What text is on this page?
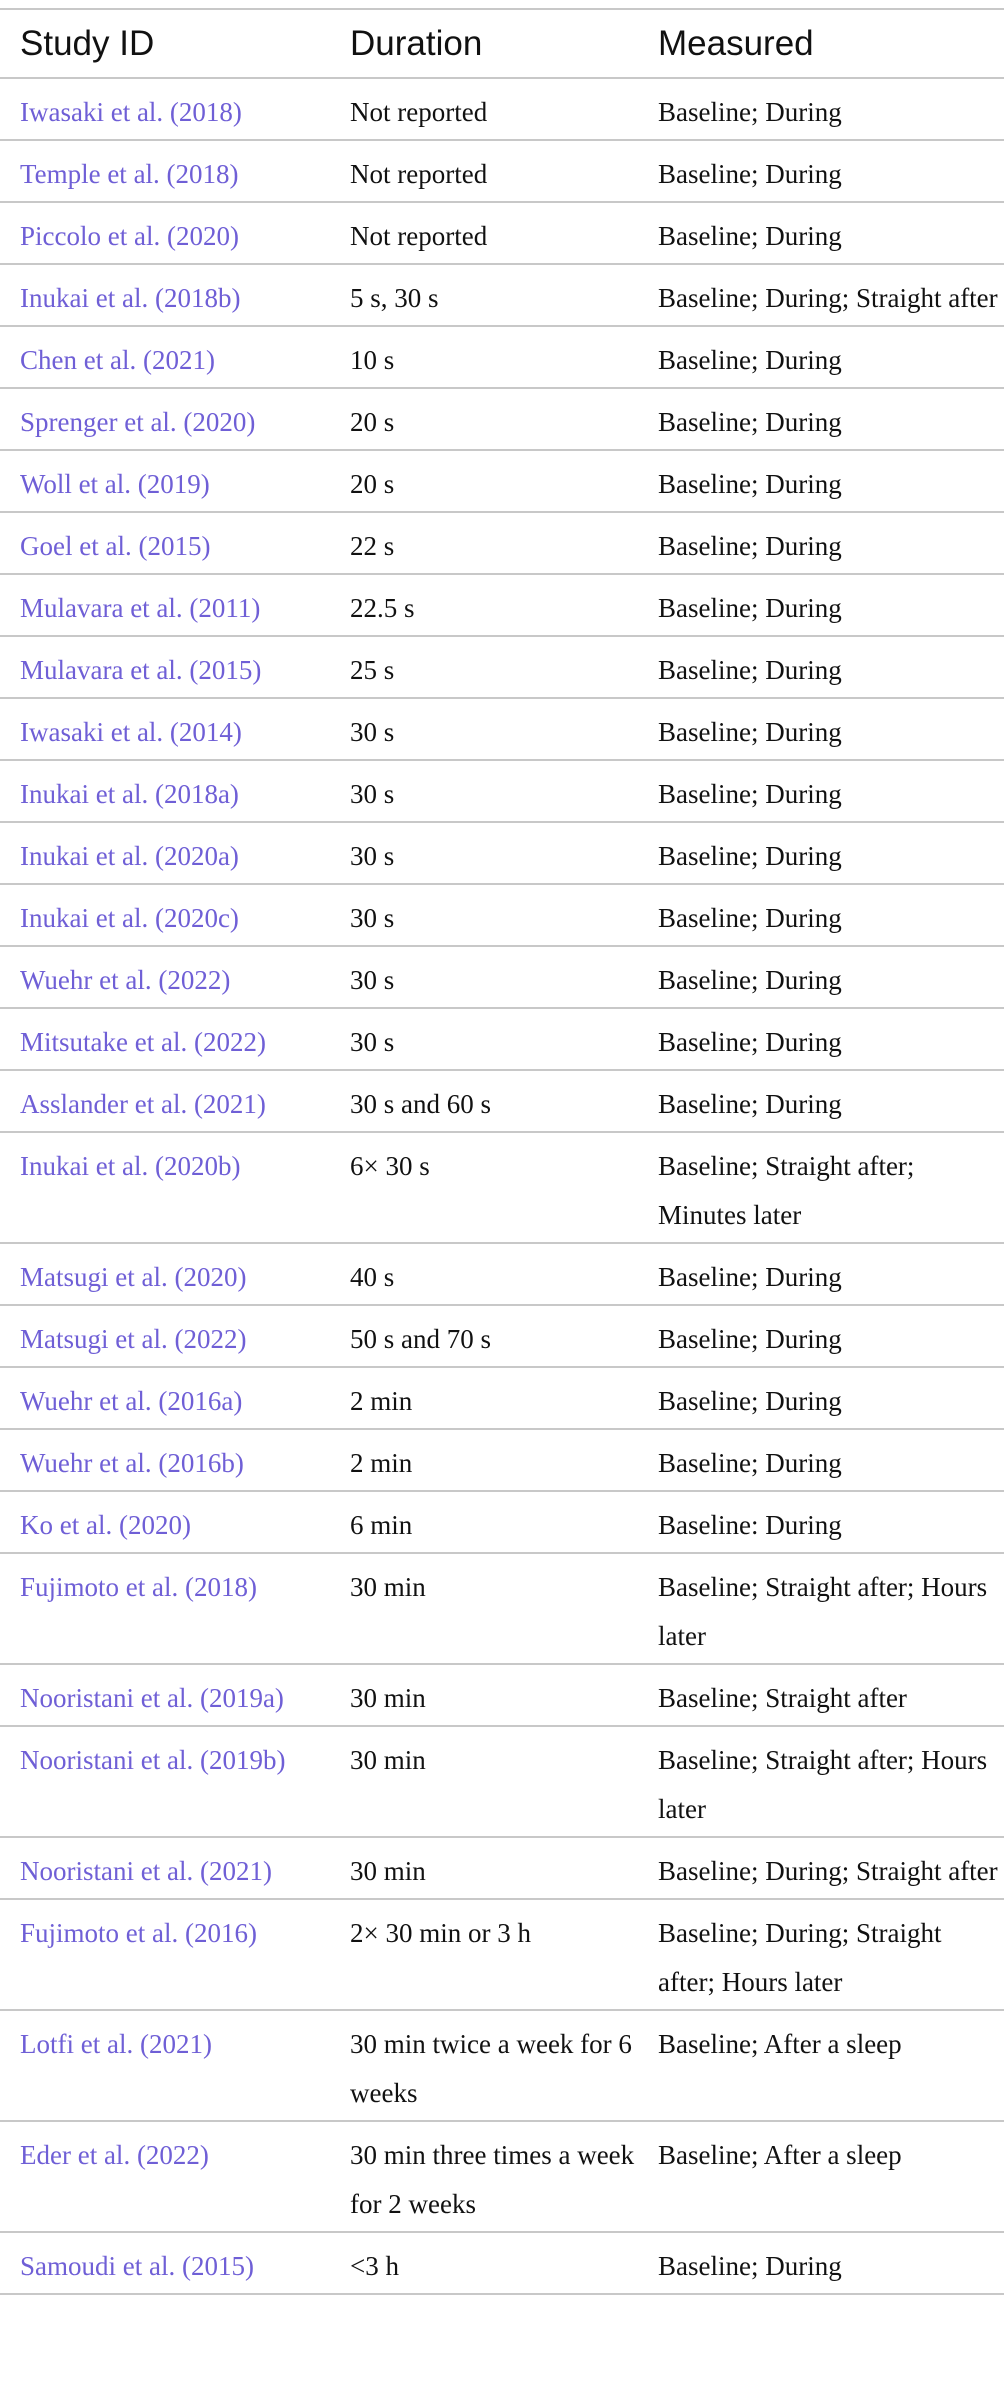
Study ID	Duration	Measured
Iwasaki et al. (2018)	Not reported	Baseline; During
Temple et al. (2018)	Not reported	Baseline; During
Piccolo et al. (2020)	Not reported	Baseline; During
Inukai et al. (2018b)	5 s, 30 s	Baseline; During; Straight after
Chen et al. (2021)	10 s	Baseline; During
Sprenger et al. (2020)	20 s	Baseline; During
Woll et al. (2019)	20 s	Baseline; During
Goel et al. (2015)	22 s	Baseline; During
Mulavara et al. (2011)	22.5 s	Baseline; During
Mulavara et al. (2015)	25 s	Baseline; During
Iwasaki et al. (2014)	30 s	Baseline; During
Inukai et al. (2018a)	30 s	Baseline; During
Inukai et al. (2020a)	30 s	Baseline; During
Inukai et al. (2020c)	30 s	Baseline; During
Wuehr et al. (2022)	30 s	Baseline; During
Mitsutake et al. (2022)	30 s	Baseline; During
Asslander et al. (2021)	30 s and 60 s	Baseline; During
Inukai et al. (2020b)	6× 30 s	Baseline; Straight after; Minutes later
Matsugi et al. (2020)	40 s	Baseline; During
Matsugi et al. (2022)	50 s and 70 s	Baseline; During
Wuehr et al. (2016a)	2 min	Baseline; During
Wuehr et al. (2016b)	2 min	Baseline; During
Ko et al. (2020)	6 min	Baseline: During
Fujimoto et al. (2018)	30 min	Baseline; Straight after; Hours later
Nooristani et al. (2019a)	30 min	Baseline; Straight after
Nooristani et al. (2019b)	30 min	Baseline; Straight after; Hours later
Nooristani et al. (2021)	30 min	Baseline; During; Straight after
Fujimoto et al. (2016)	2× 30 min or 3 h	Baseline; During; Straight after; Hours later
Lotfi et al. (2021)	30 min twice a week for 6 weeks	Baseline; After a sleep
Eder et al. (2022)	30 min three times a week for 2 weeks	Baseline; After a sleep
Samoudi et al. (2015)	<3 h	Baseline; During
